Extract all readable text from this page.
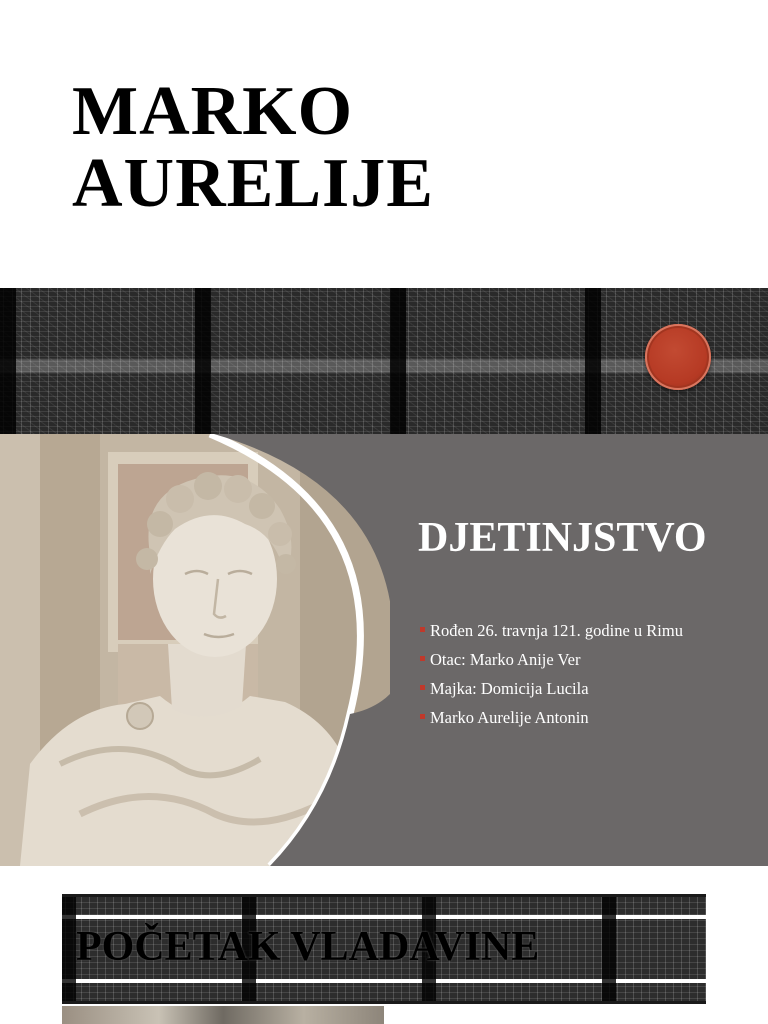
MARKO
AURELIJE
DJETINJSTVO
Rođen 26. travnja 121. godine u Rimu
Otac: Marko Anije Ver
Majka: Domicija Lucila
Marko Aurelije Antonin
POČETAK VLADAVINE
